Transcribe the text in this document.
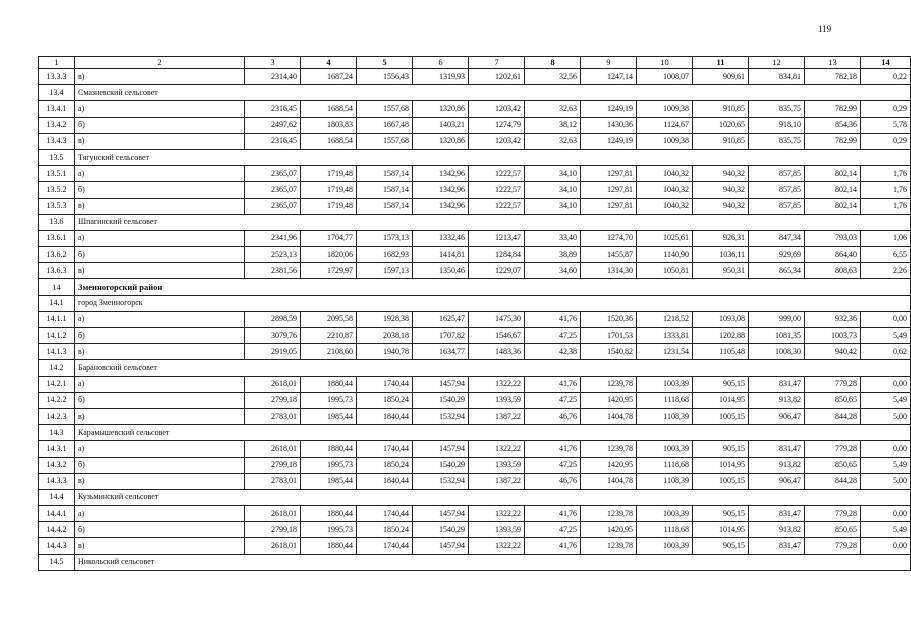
119
1	2	3	4	5	6	7	8	9	10	11	12	13	14
13.3.3	в)	2314,40	1687,24	1556,43	1319,93	1202,61	32,56	1247,14	1008,07	909,61	834,81	782,18	0,22
13.4	Смазневский сельсовет												
13.4.1	а)	2316,45	1688,54	1557,68	1320,86	1203,42	32,63	1249,19	1009,38	910,85	835,75	782,99	0,29
13.4.2	б)	2497,62	1803,83	1667,48	1403,21	1274,79	38,12	1430,36	1124,67	1020,65	918,10	854,36	5,78
13.4.3	в)	2316,45	1688,54	1557,68	1320,86	1203,42	32,63	1249,19	1009,38	910,85	835,75	782,99	0,29
13.5	Тягунский сельсовет												
13.5.1	а)	2365,07	1719,48	1587,14	1342,96	1222,57	34,10	1297,81	1040,32	940,32	857,85	802,14	1,76
13.5.2	б)	2365,07	1719,48	1587,14	1342,96	1222,57	34,10	1297,81	1040,32	940,32	857,85	802,14	1,76
13.5.3	в)	2365,07	1719,48	1587,14	1342,96	1222,57	34,10	1297,81	1040,32	940,32	857,85	802,14	1,76
13.6	Шпагинский сельсовет												
13.6.1	а)	2341,96	1704,77	1573,13	1332,46	1213,47	33,40	1274,70	1025,61	926,31	847,34	793,03	1,06
13.6.2	б)	2523,13	1820,06	1682,93	1414,81	1284,84	38,89	1455,87	1140,90	1036,11	929,69	864,40	6,55
13.6.3	в)	2381,56	1729,97	1597,13	1350,46	1229,07	34,60	1314,30	1050,81	950,31	865,34	808,63	2,26
14	Змеиногорский район												
14.1	город Змеиногорск												
14.1.1	а)	2898,59	2095,58	1928,38	1625,47	1475,30	41,76	1520,36	1218,52	1093,08	999,00	932,36	0,00
14.1.2	б)	3079,76	2210,87	2038,18	1707,82	1546,67	47,25	1701,53	1333,81	1202,88	1081,35	1003,73	5,49
14.1.3	в)	2919,05	2108,60	1940,78	1634,77	1483,36	42,38	1540,82	1231,54	1105,48	1008,30	940,42	0,62
14.2	Барановский сельсовет												
14.2.1	а)	2618,01	1880,44	1740,44	1457,94	1322,22	41,76	1239,78	1003,39	905,15	831,47	779,28	0,00
14.2.2	б)	2799,18	1995,73	1850,24	1540,29	1393,59	47,25	1420,95	1118,68	1014,95	913,82	850,65	5,49
14.2.3	в)	2783,01	1985,44	1840,44	1532,94	1387,22	46,76	1404,78	1108,39	1005,15	906,47	844,28	5,00
14.3	Карамышевский сельсовет												
14.3.1	а)	2618,01	1880,44	1740,44	1457,94	1322,22	41,76	1239,78	1003,39	905,15	831,47	779,28	0,00
14.3.2	б)	2799,18	1995,73	1850,24	1540,29	1393,59	47,25	1420,95	1118,68	1014,95	913,82	850,65	5,49
14.3.3	в)	2783,01	1985,44	1840,44	1532,94	1387,22	46,76	1404,78	1108,39	1005,15	906,47	844,28	5,00
14.4	Кузьминский сельсовет												
14.4.1	а)	2618,01	1880,44	1740,44	1457,94	1322,22	41,76	1239,78	1003,39	905,15	831,47	779,28	0,00
14.4.2	б)	2799,18	1995,73	1850,24	1540,29	1393,59	47,25	1420,95	1118,68	1014,95	913,82	850,65	5,49
14.4.3	в)	2618,01	1880,44	1740,44	1457,94	1322,22	41,76	1239,78	1003,39	905,15	831,47	779,28	0,00
14.5	Никольский сельсовет												
